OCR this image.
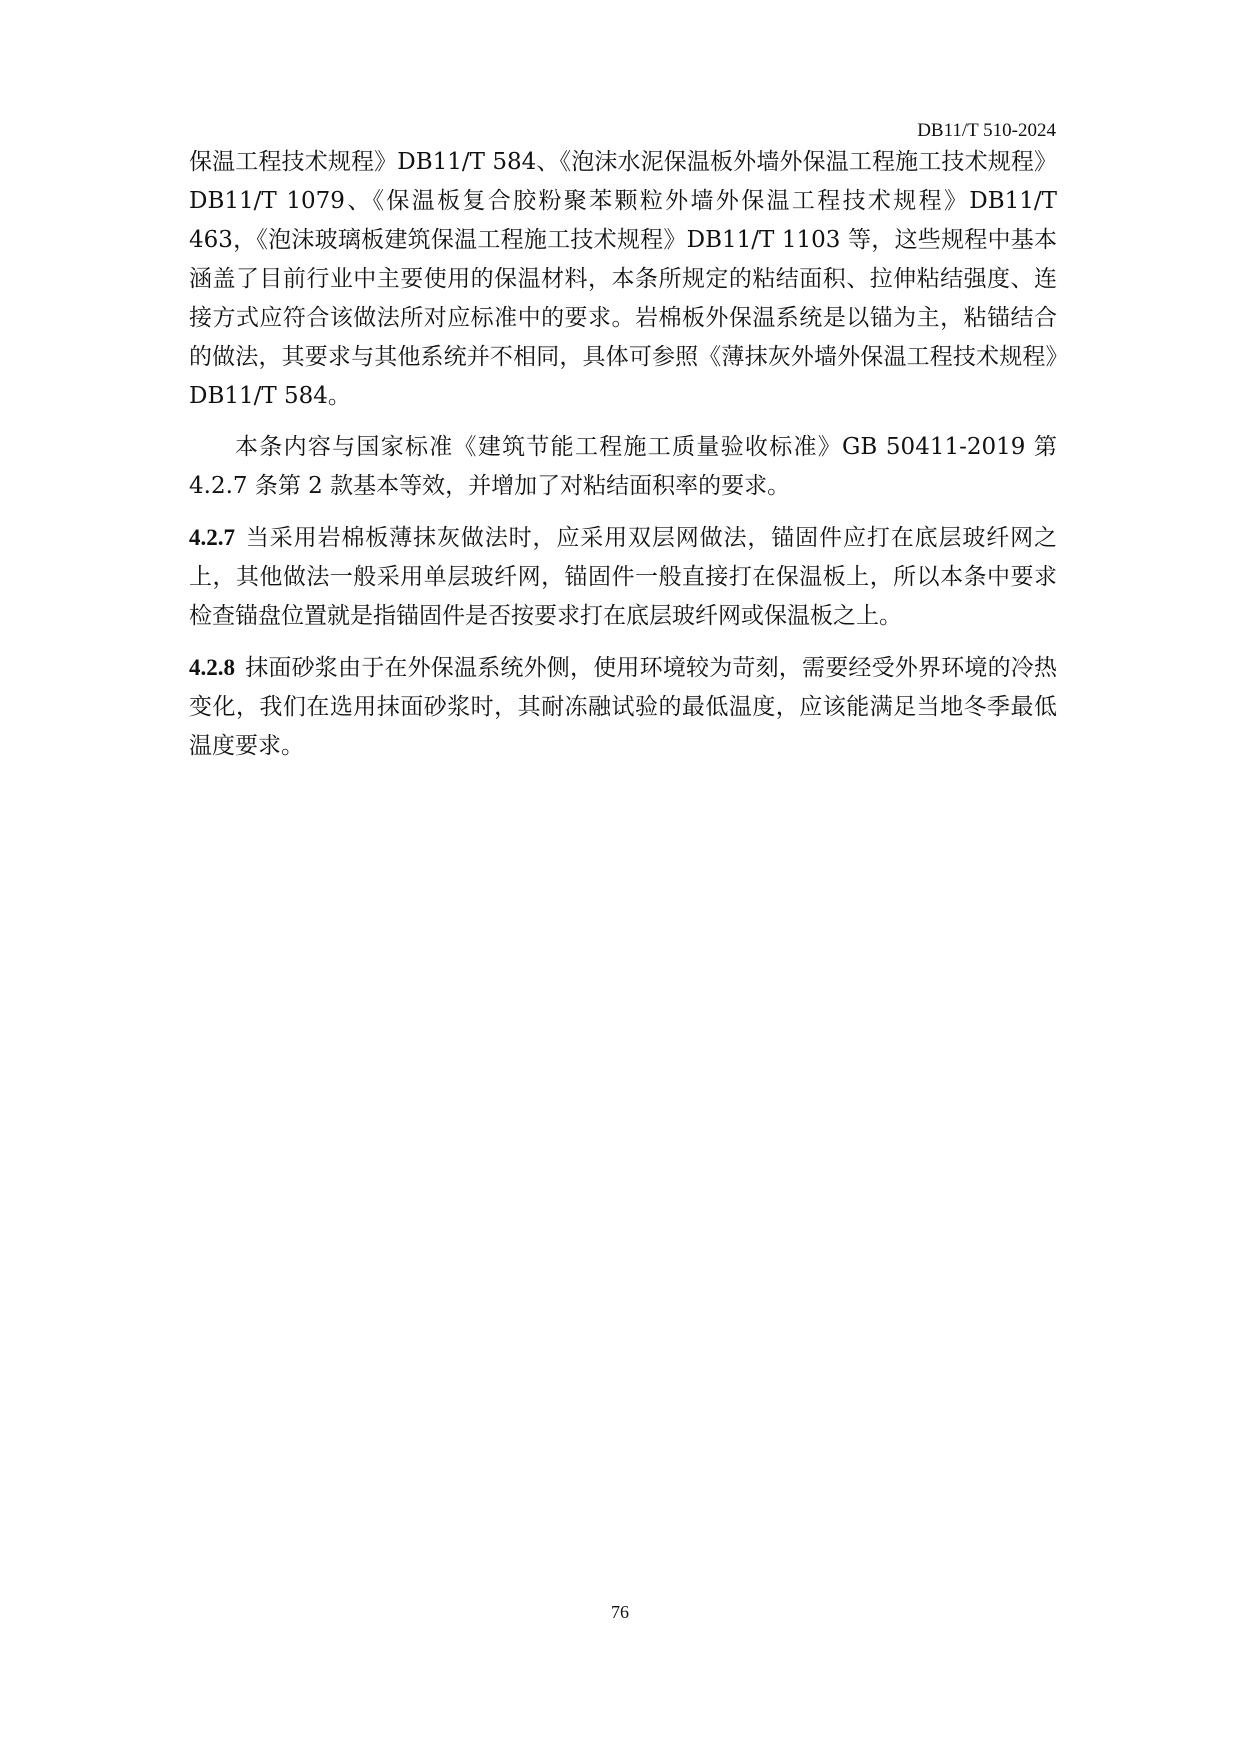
DB11/T 510-2024

保温工程技术规程》DB11/T 584、《泡沫水泥保温板外墙外保温工程施工技术规程》DB11/T 1079、《保温板复合胶粉聚苯颗粒外墙外保温工程技术规程》DB11/T 463，《泡沫玻璃板建筑保温工程施工技术规程》DB11/T 1103 等，这些规程中基本涵盖了目前行业中主要使用的保温材料，本条所规定的粘结面积、拉伸粘结强度、连接方式应符合该做法所对应标准中的要求。岩棉板外保温系统是以锚为主，粘锚结合的做法，其要求与其他系统并不相同，具体可参照《薄抹灰外墙外保温工程技术规程》DB11/T 584。

本条内容与国家标准《建筑节能工程施工质量验收标准》GB 50411-2019 第 4.2.7 条第 2 款基本等效，并增加了对粘结面积率的要求。

4.2.7 当采用岩棉板薄抹灰做法时，应采用双层网做法，锚固件应打在底层玻纤网之上，其他做法一般采用单层玻纤网，锚固件一般直接打在保温板上，所以本条中要求检查锚盘位置就是指锚固件是否按要求打在底层玻纤网或保温板之上。

4.2.8 抹面砂浆由于在外保温系统外侧，使用环境较为苛刻，需要经受外界环境的冷热变化，我们在选用抹面砂浆时，其耐冻融试验的最低温度，应该能满足当地冬季最低温度要求。

76
